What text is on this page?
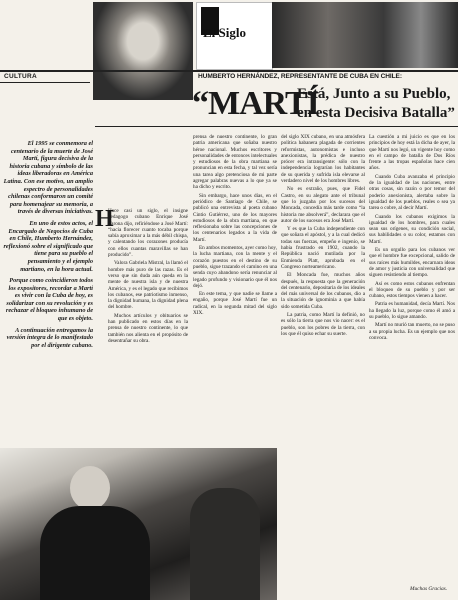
El Siglo
CULTURA	HUMBERTO HERNÁNDEZ, REPRESENTANTE DE CUBA EN CHILE:
“MARTÍ
Está, Junto a su Pueblo,
en esta Decisiva Batalla”

El 1995 se conmemora el centenario de la muerte de José Martí, figura decisiva de la historia cubana y símbolo de las ideas liberadoras en América Latina. Con ese motivo, un amplio espectro de personalidades chilenas conformaron un comité para homenajear su memoria, a través de diversas iniciativas.

En uno de estos actos, el Encargado de Negocios de Cuba en Chile, Humberto Hernández, reflexionó sobre el significado que tiene para su pueblo el pensamiento y el ejemplo martiano, en la hora actual.

Porque como coincidieron todos los expositores, recordar a Martí es vivir con la Cuba de hoy, es solidarizar con su revolución y es rechazar el bloqueo inhumano de que es objeto.

A continuación entregamos la versión íntegra de lo manifestado por el dirigente cubano.

H

Hace casi un siglo, el insigne pedagogo cubano Enrique José Varona dijo, refiriéndose a José Martí: “hacía florecer cuanto tocaba porque sabía aproximar a la más débil chispa, y calentando los corazones producía con ellos cuantas maravillas se han producido”.

Valora Gabriela Mistral, la llamó el hombre más puro de las razas. Es el verso que sin duda aún queda en la mente de nuestra isla y de nuestra América, y es el legado que recibimos los cubanos, ese patriotismo inmenso, la dignidad humana, la dignidad plena del hombre.

Muchos artículos y obituarios se han publicado en estos días en la prensa de nuestro continente, lo que también nos alienta en el propósito de desentrañar su obra.

prensa de nuestro continente, lo gran patria americana que soñaba nuestro héroe nacional. Muchos escritores y personalidades de entonces intelectuales y estudiosos de la obra martiana se pronuncian en esta fecha, y tal vez sería una tarea algo pretenciosa de mi parte agregar palabras nuevas a lo que ya se ha dicho y escrito.

Sin embargo, hace unos días, en el periódico de Santiago de Chile, se publicó una entrevista al poeta cubano Cintio Gutiérrez, uno de los mayores estudiosos de la obra martiana, en que reflexionaba sobre las concepciones de los centenarios legados a la vida de Martí.

En ambos momentos, ayer como hoy, la lucha martiana, con la mente y el corazón puestos en el destino de su pueblo, sigue trazando el camino en una senda cuyo abandono sería renunciar al legado profundo y visionario que él nos dejó.

En este tema, y que nadie se llame a engaño, porque José Martí fue un radical, en la segunda mitad del siglo XIX.

del siglo XIX cubano, en una atmósfera política habanera plagada de corrientes reformistas, autonomistas e incluso anexionistas, la prédica de nuestro prócer era intransigente: sólo con la independencia lograrían los habitantes de su querida y sufrida isla elevarse al verdadero nivel de los hombres libres.

No es extraño, pues, que Fidel Castro, en su alegato ante el tribunal que lo juzgaba por los sucesos del Moncada, concedía más tarde como “la historia me absolverá”, declarara que el autor de los sucesos era José Martí.

Y es que la Cuba independiente con que soñara el apóstol, y a la cual dedicó todas sus fuerzas, empeño e ingenio, se había frustrado en 1902, cuando la República nació mutilada por la Enmienda Platt, aprobada en el Congreso norteamericano.

El Moncada fue, muchos años después, la respuesta que la generación del centenario, depositaria de los ideales del más universal de los cubanos, dio a la situación de ignominia a que había sido sometida Cuba.

La patria, como Martí la definió, no es sólo la tierra que nos vio nacer: es el pueblo, son los pobres de la tierra, con los que él quiso echar su suerte.

La cuestión a mi juicio es que en los principios de hoy está la dicha de ayer, la que Martí nos legó, un vigente hoy como en el campo de batalla de Dos Ríos frente a las tropas españolas hace cien años.

Cuando Cuba avanzaba el principio de la igualdad de las naciones, entre otras cosas, sin razón o por temor del poderío anexionista, alertaba sobre la igualdad de los pueblos, reales o sea ya tarea o cobre, al decir Martí.

Cuando los cubanos exigimos la igualdad de los hombres, para cuales sean sus orígenes, su condición social, sus habilidades o su color, estamos con Martí.

Es un orgullo para los cubanos ver que el hombre fue excepcional, salido de sus raíces más humildes, encarnara ideas de amor y justicia con universalidad que siguen resistiendo al tiempo.

Así es como estos cubanos enfrentan el bloqueo de su pueblo y por ser cubano, estos tiempos vienen a hacer.

Patria es humanidad, decía Martí. Nos ha llegado la luz, porque como él amó a su pueblo, lo sigue amando.

Martí no murió tan muerto, no se puso a su propia lucha. Es un ejemplo que nos convoca.

Muchas Gracias.
